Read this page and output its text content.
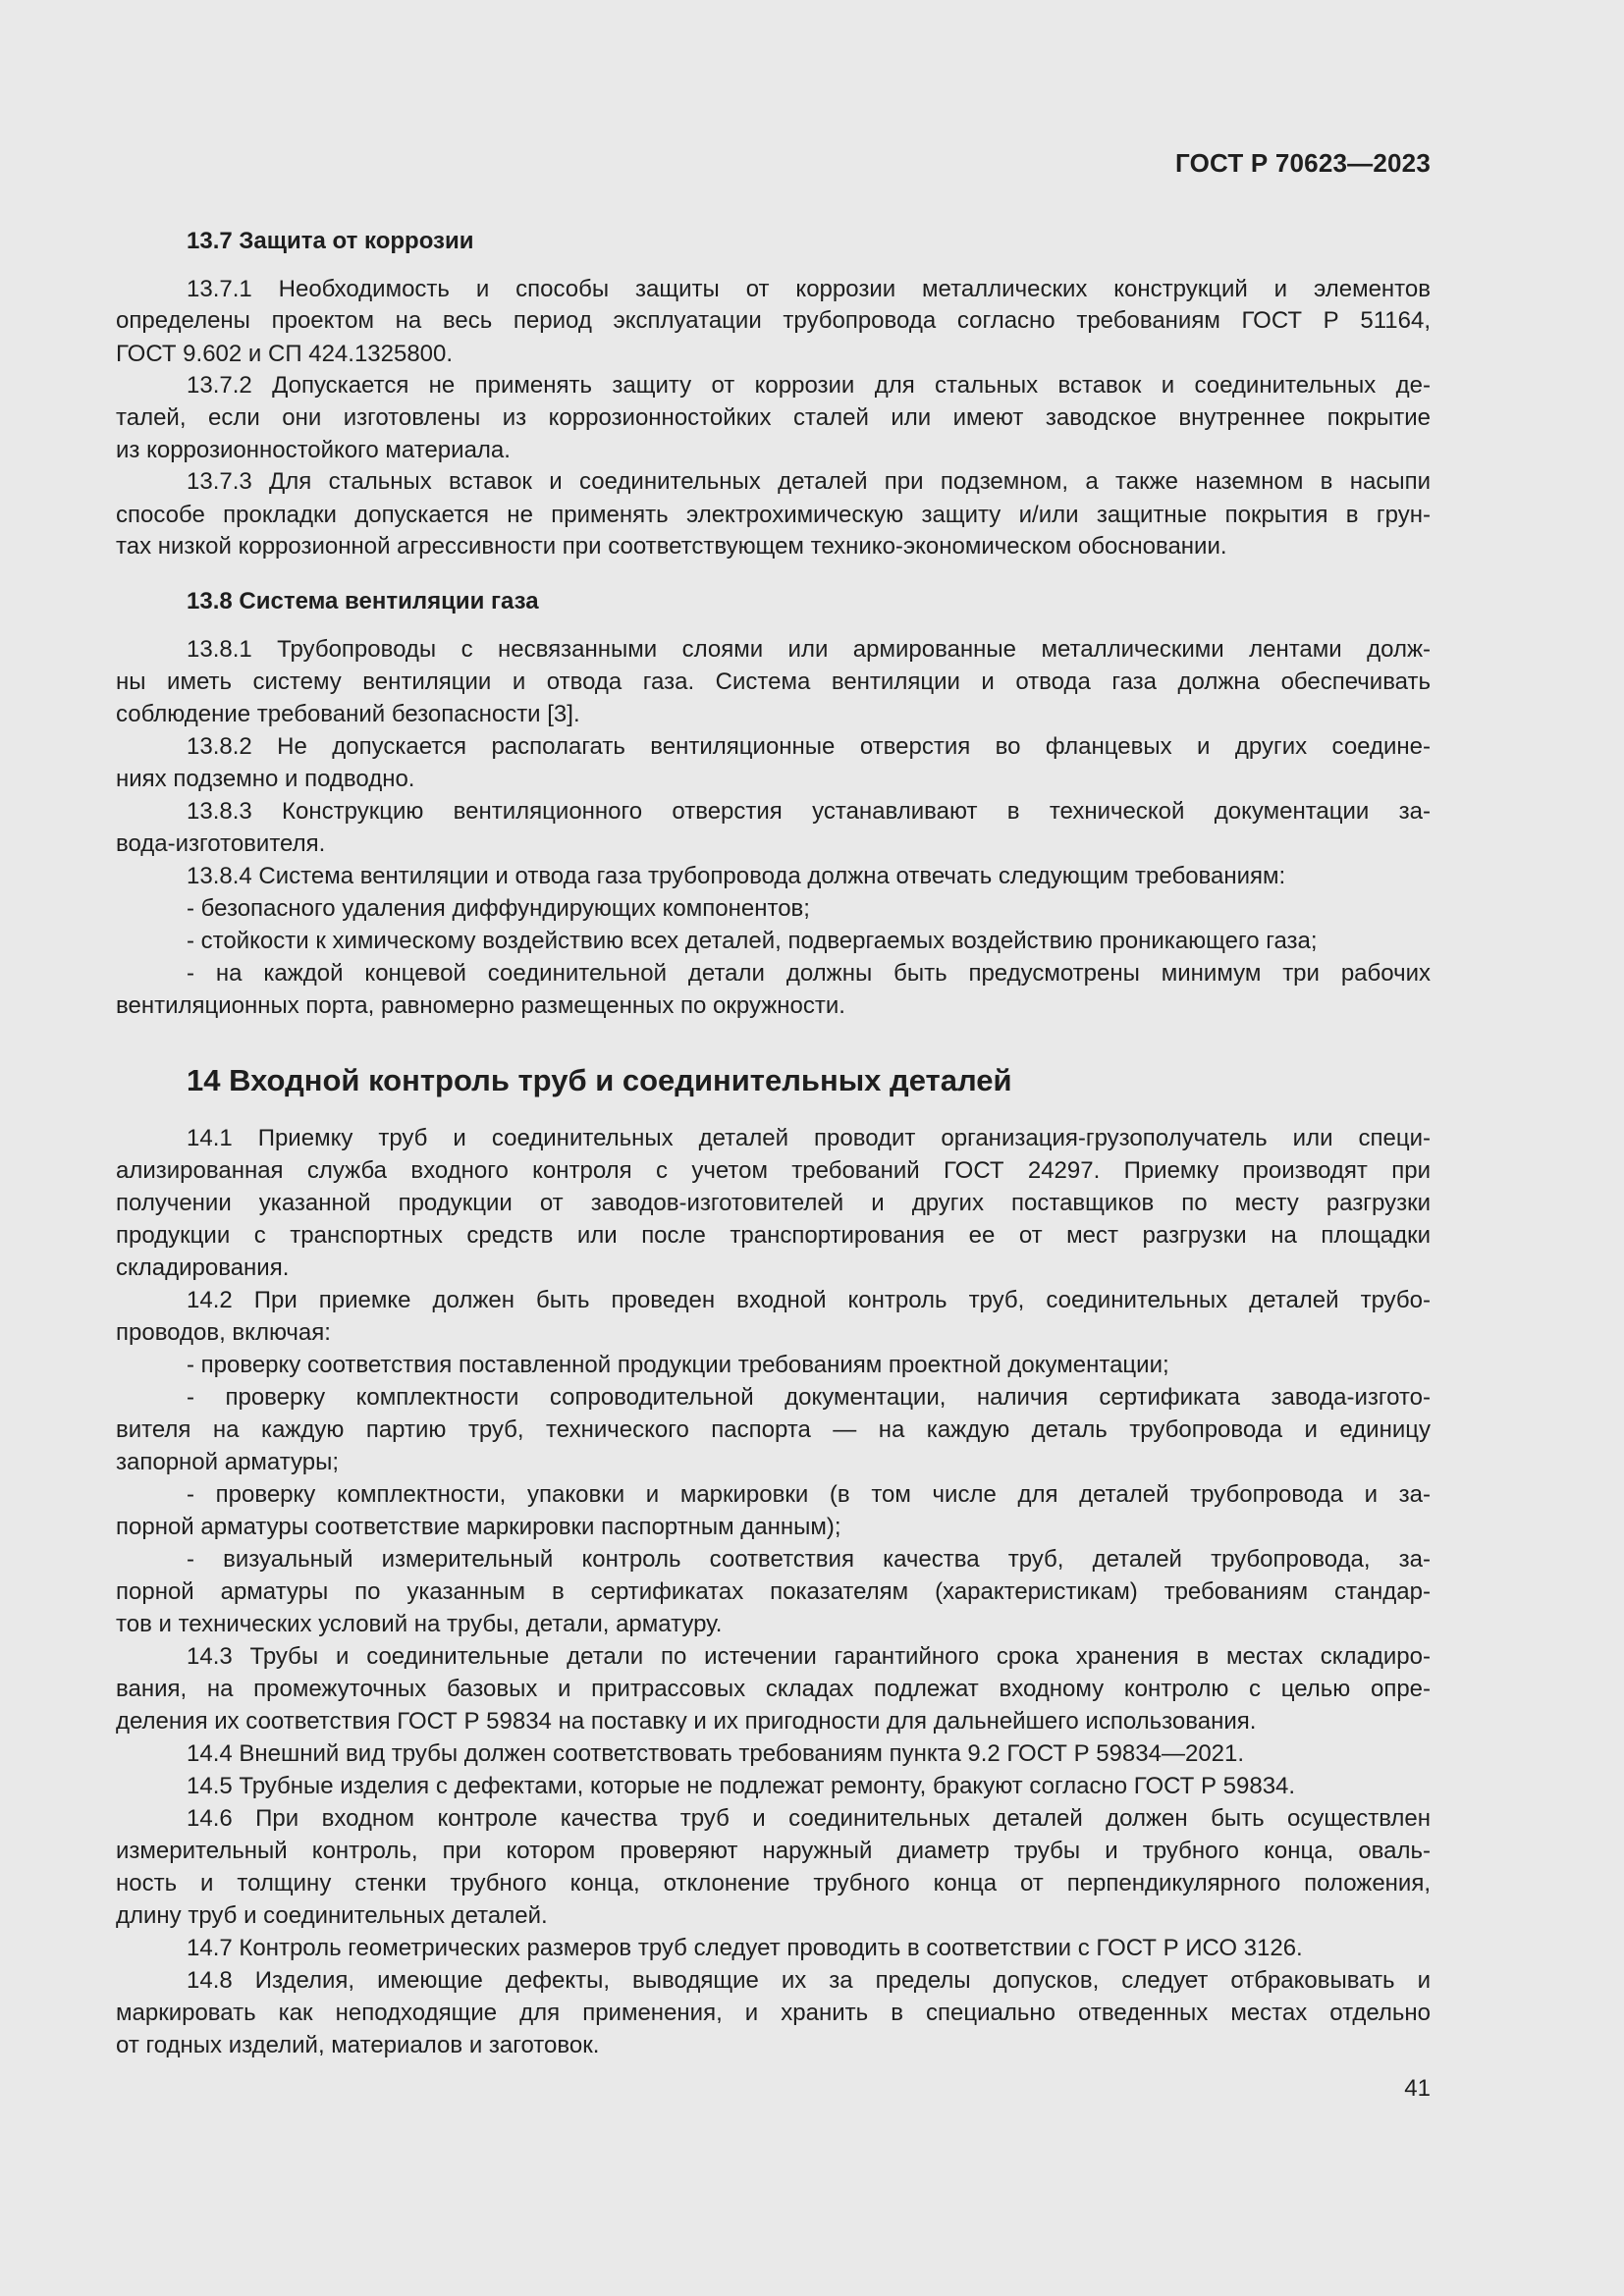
ГОСТ Р 70623—2023
13.7 Защита от коррозии
13.7.1 Необходимость и способы защиты от коррозии металлических конструкций и элементов
определены проектом на весь период эксплуатации трубопровода согласно требованиям ГОСТ Р 51164,
ГОСТ 9.602 и СП 424.1325800.
13.7.2 Допускается не применять защиту от коррозии для стальных вставок и соединительных де-
талей, если они изготовлены из коррозионностойких сталей или имеют заводское внутреннее покрытие
из коррозионностойкого материала.
13.7.3 Для стальных вставок и соединительных деталей при подземном, а также наземном в насыпи
способе прокладки допускается не применять электрохимическую защиту и/или защитные покрытия в грун-
тах низкой коррозионной агрессивности при соответствующем технико-экономическом обосновании.
13.8 Система вентиляции газа
13.8.1 Трубопроводы с несвязанными слоями или армированные металлическими лентами долж-
ны иметь систему вентиляции и отвода газа. Система вентиляции и отвода газа должна обеспечивать
соблюдение требований безопасности [3].
13.8.2 Не допускается располагать вентиляционные отверстия во фланцевых и других соедине-
ниях подземно и подводно.
13.8.3 Конструкцию вентиляционного отверстия устанавливают в технической документации за-
вода-изготовителя.
13.8.4 Система вентиляции и отвода газа трубопровода должна отвечать следующим требованиям:
- безопасного удаления диффундирующих компонентов;
- стойкости к химическому воздействию всех деталей, подвергаемых воздействию проникающего газа;
- на каждой концевой соединительной детали должны быть предусмотрены минимум три рабочих
вентиляционных порта, равномерно размещенных по окружности.
14 Входной контроль труб и соединительных деталей
14.1 Приемку труб и соединительных деталей проводит организация-грузополучатель или специ-
ализированная служба входного контроля с учетом требований ГОСТ 24297. Приемку производят при
получении указанной продукции от заводов-изготовителей и других поставщиков по месту разгрузки
продукции с транспортных средств или после транспортирования ее от мест разгрузки на площадки
складирования.
14.2 При приемке должен быть проведен входной контроль труб, соединительных деталей трубо-
проводов, включая:
- проверку соответствия поставленной продукции требованиям проектной документации;
- проверку комплектности сопроводительной документации, наличия сертификата завода-изгото-
вителя на каждую партию труб, технического паспорта — на каждую деталь трубопровода и единицу
запорной арматуры;
- проверку комплектности, упаковки и маркировки (в том числе для деталей трубопровода и за-
порной арматуры соответствие маркировки паспортным данным);
- визуальный измерительный контроль соответствия качества труб, деталей трубопровода, за-
порной арматуры по указанным в сертификатах показателям (характеристикам) требованиям стандар-
тов и технических условий на трубы, детали, арматуру.
14.3 Трубы и соединительные детали по истечении гарантийного срока хранения в местах складиро-
вания, на промежуточных базовых и притрассовых складах подлежат входному контролю с целью опре-
деления их соответствия ГОСТ Р 59834 на поставку и их пригодности для дальнейшего использования.
14.4 Внешний вид трубы должен соответствовать требованиям пункта 9.2 ГОСТ Р 59834—2021.
14.5 Трубные изделия с дефектами, которые не подлежат ремонту, бракуют согласно ГОСТ Р 59834.
14.6 При входном контроле качества труб и соединительных деталей должен быть осуществлен
измерительный контроль, при котором проверяют наружный диаметр трубы и трубного конца, оваль-
ность и толщину стенки трубного конца, отклонение трубного конца от перпендикулярного положения,
длину труб и соединительных деталей.
14.7 Контроль геометрических размеров труб следует проводить в соответствии с ГОСТ Р ИСО 3126.
14.8 Изделия, имеющие дефекты, выводящие их за пределы допусков, следует отбраковывать и
маркировать как неподходящие для применения, и хранить в специально отведенных местах отдельно
от годных изделий, материалов и заготовок.
41
